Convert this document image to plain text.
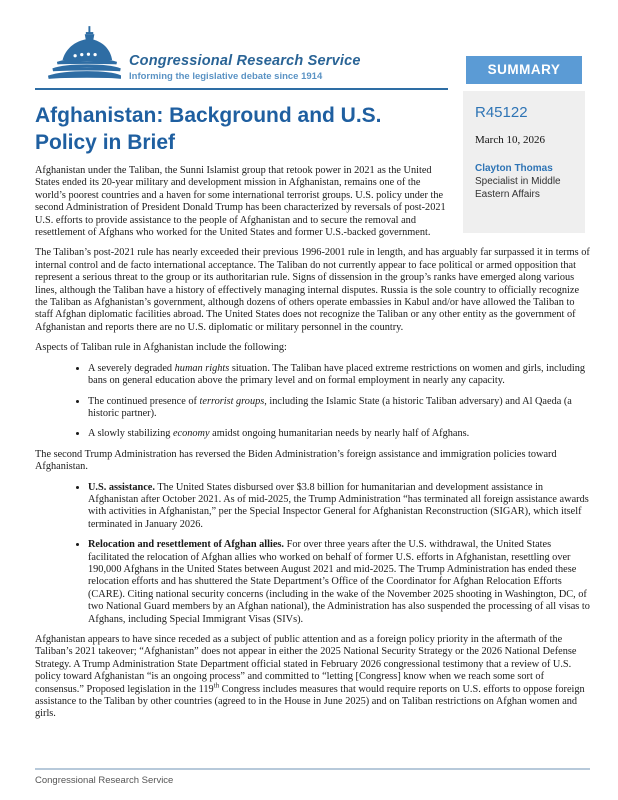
SUMMARY
R45122
March 10, 2026
Clayton Thomas
Specialist in Middle Eastern Affairs
Congressional Research Service
Informing the legislative debate since 1914
Afghanistan: Background and U.S. Policy in Brief

Afghanistan under the Taliban, the Sunni Islamist group that retook power in 2021 as the United States ended its 20-year military and development mission in Afghanistan, remains one of the world’s poorest countries and a haven for some international terrorist groups. U.S. policy under the second Administration of President Donald Trump has been characterized by reversals of post-2021 U.S. efforts to provide assistance to the people of Afghanistan and to secure the removal and resettlement of Afghans who worked for the United States and former U.S.-backed government.

The Taliban’s post-2021 rule has nearly exceeded their previous 1996-2001 rule in length, and has arguably far surpassed it in terms of internal control and de facto international acceptance. The Taliban do not currently appear to face political or armed opposition that represent a serious threat to the group or its authoritarian rule. Signs of dissension in the group’s ranks have emerged along various lines, although the Taliban have a history of effectively managing internal disputes. Russia is the sole country to officially recognize the Taliban as Afghanistan’s government, although dozens of others operate embassies in Kabul and/or have allowed the Taliban to staff Afghan diplomatic facilities abroad. The United States does not recognize the Taliban or any other entity as the government of Afghanistan and reports there are no U.S. diplomatic or military personnel in the country.

Aspects of Taliban rule in Afghanistan include the following:

• A severely degraded human rights situation. The Taliban have placed extreme restrictions on women and girls, including bans on general education above the primary level and on formal employment in nearly any capacity.
• The continued presence of terrorist groups, including the Islamic State (a historic Taliban adversary) and Al Qaeda (a historic partner).
• A slowly stabilizing economy amidst ongoing humanitarian needs by nearly half of Afghans.

The second Trump Administration has reversed the Biden Administration’s foreign assistance and immigration policies toward Afghanistan.

• U.S. assistance. The United States disbursed over $3.8 billion for humanitarian and development assistance in Afghanistan after October 2021. As of mid-2025, the Trump Administration “has terminated all foreign assistance awards with activities in Afghanistan,” per the Special Inspector General for Afghanistan Reconstruction (SIGAR), which itself terminated in January 2026.
• Relocation and resettlement of Afghan allies. For over three years after the U.S. withdrawal, the United States facilitated the relocation of Afghan allies who worked on behalf of former U.S. efforts in Afghanistan, resettling over 190,000 Afghans in the United States between August 2021 and mid-2025. The Trump Administration has ended these relocation efforts and has shuttered the State Department’s Office of the Coordinator for Afghan Relocation Efforts (CARE). Citing national security concerns (including in the wake of the November 2025 shooting in Washington, DC, of two National Guard members by an Afghan national), the Administration has also suspended the processing of all visas to Afghans, including Special Immigrant Visas (SIVs).

Afghanistan appears to have since receded as a subject of public attention and as a foreign policy priority in the aftermath of the Taliban’s 2021 takeover; “Afghanistan” does not appear in either the 2025 National Security Strategy or the 2026 National Defense Strategy. A Trump Administration State Department official stated in February 2026 congressional testimony that a review of U.S. policy toward Afghanistan “is an ongoing process” and committed to “letting [Congress] know when we reach some sort of consensus.” Proposed legislation in the 119th Congress includes measures that would require reports on U.S. efforts to oppose foreign assistance to the Taliban by other countries (agreed to in the House in June 2025) and on Taliban restrictions on Afghan women and girls.

Congressional Research Service
